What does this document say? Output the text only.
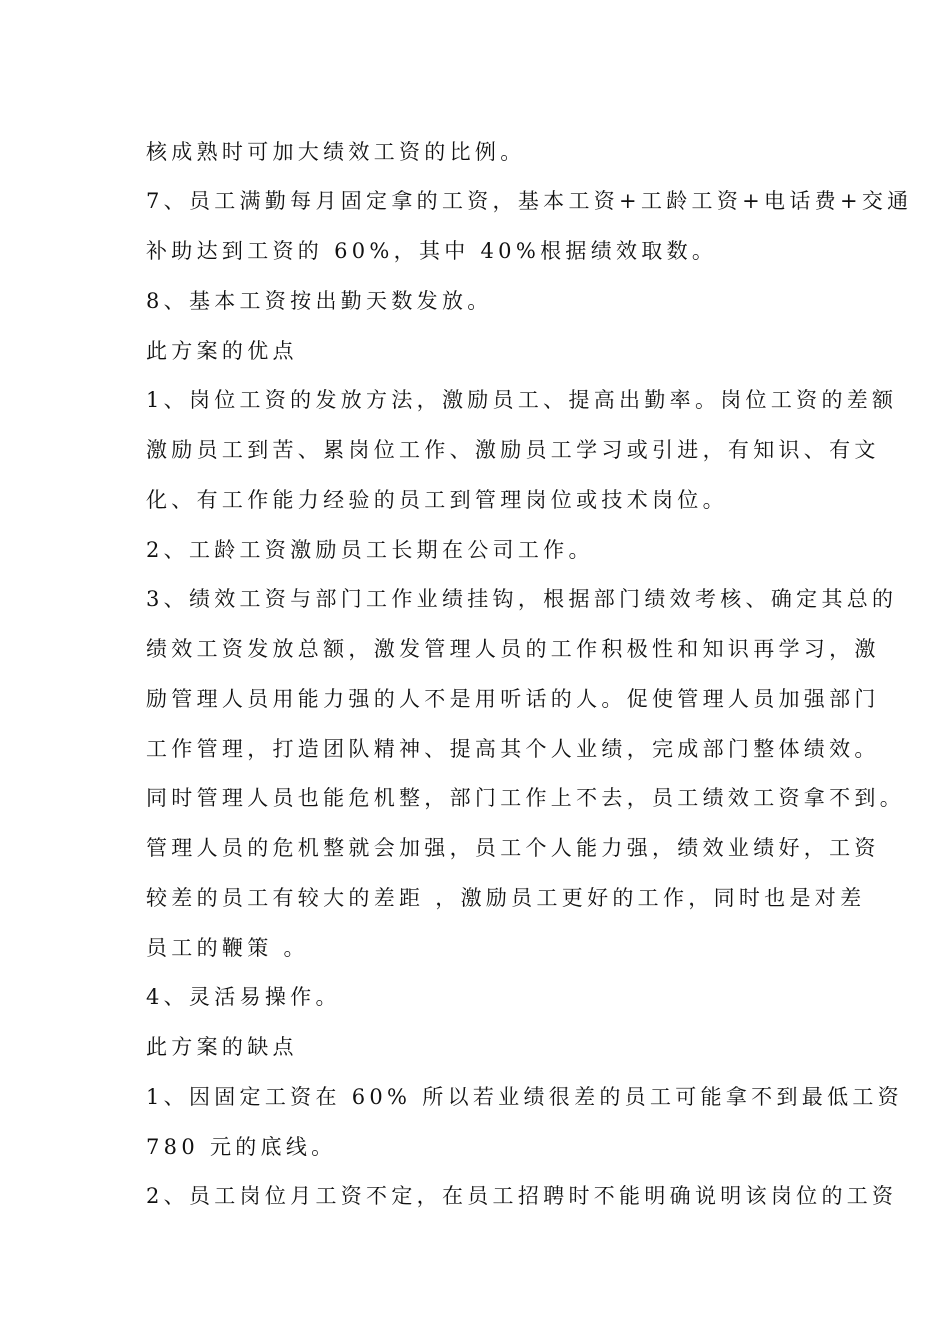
核成熟时可加大绩效工资的比例。
7、员工满勤每月固定拿的工资，基本工资+工龄工资+电话费+交通
补助达到工资的 60%，其中 40%根据绩效取数。
8、基本工资按出勤天数发放。
此方案的优点
1、岗位工资的发放方法，激励员工、提高出勤率。岗位工资的差额
激励员工到苦、累岗位工作、激励员工学习或引进，有知识、有文
化、有工作能力经验的员工到管理岗位或技术岗位。
2、工龄工资激励员工长期在公司工作。
3、绩效工资与部门工作业绩挂钩，根据部门绩效考核、确定其总的
绩效工资发放总额，激发管理人员的工作积极性和知识再学习，激
励管理人员用能力强的人不是用听话的人。促使管理人员加强部门
工作管理，打造团队精神、提高其个人业绩，完成部门整体绩效。
同时管理人员也能危机整，部门工作上不去，员工绩效工资拿不到。
管理人员的危机整就会加强，员工个人能力强，绩效业绩好，工资
较差的员工有较大的差距 ，激励员工更好的工作，同时也是对差
员工的鞭策 。
4、灵活易操作。
此方案的缺点
1、因固定工资在 60% 所以若业绩很差的员工可能拿不到最低工资
780 元的底线。
2、员工岗位月工资不定，在员工招聘时不能明确说明该岗位的工资
